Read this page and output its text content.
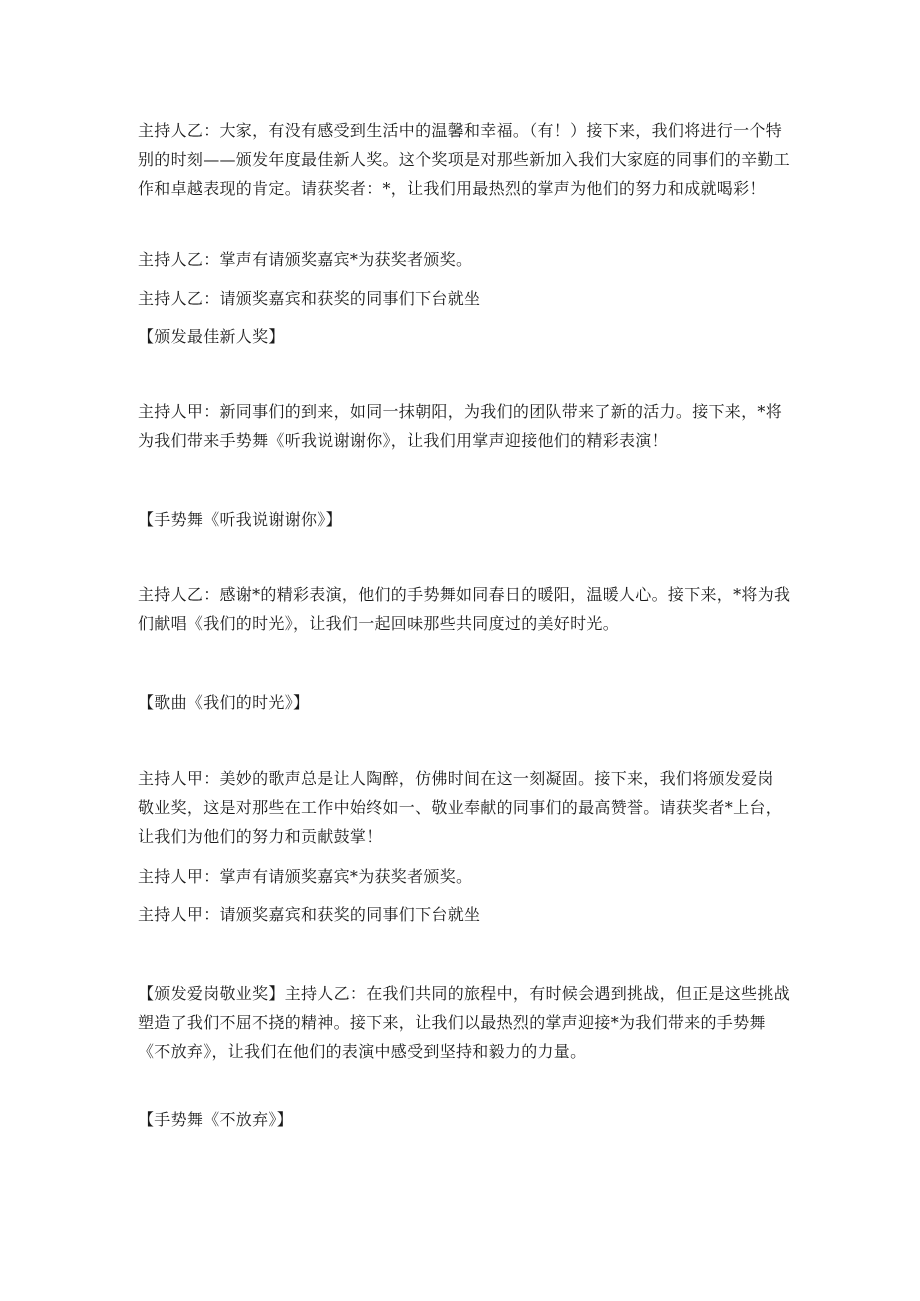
主持人乙：大家，有没有感受到生活中的温馨和幸福。（有！）接下来，我们将进行一个特别的时刻——颁发年度最佳新人奖。这个奖项是对那些新加入我们大家庭的同事们的辛勤工作和卓越表现的肯定。请获奖者：*，让我们用最热烈的掌声为他们的努力和成就喝彩！

主持人乙：掌声有请颁奖嘉宾*为获奖者颁奖。

主持人乙：请颁奖嘉宾和获奖的同事们下台就坐

【颁发最佳新人奖】

主持人甲：新同事们的到来，如同一抹朝阳，为我们的团队带来了新的活力。接下来，*将为我们带来手势舞《听我说谢谢你》，让我们用掌声迎接他们的精彩表演！

【手势舞《听我说谢谢你》】

主持人乙：感谢*的精彩表演，他们的手势舞如同春日的暖阳，温暖人心。接下来，*将为我们献唱《我们的时光》，让我们一起回味那些共同度过的美好时光。

【歌曲《我们的时光》】

主持人甲：美妙的歌声总是让人陶醉，仿佛时间在这一刻凝固。接下来，我们将颁发爱岗敬业奖，这是对那些在工作中始终如一、敬业奉献的同事们的最高赞誉。请获奖者*上台，让我们为他们的努力和贡献鼓掌！

主持人甲：掌声有请颁奖嘉宾*为获奖者颁奖。

主持人甲：请颁奖嘉宾和获奖的同事们下台就坐

【颁发爱岗敬业奖】主持人乙：在我们共同的旅程中，有时候会遇到挑战，但正是这些挑战塑造了我们不屈不挠的精神。接下来，让我们以最热烈的掌声迎接*为我们带来的手势舞《不放弃》，让我们在他们的表演中感受到坚持和毅力的力量。

【手势舞《不放弃》】
